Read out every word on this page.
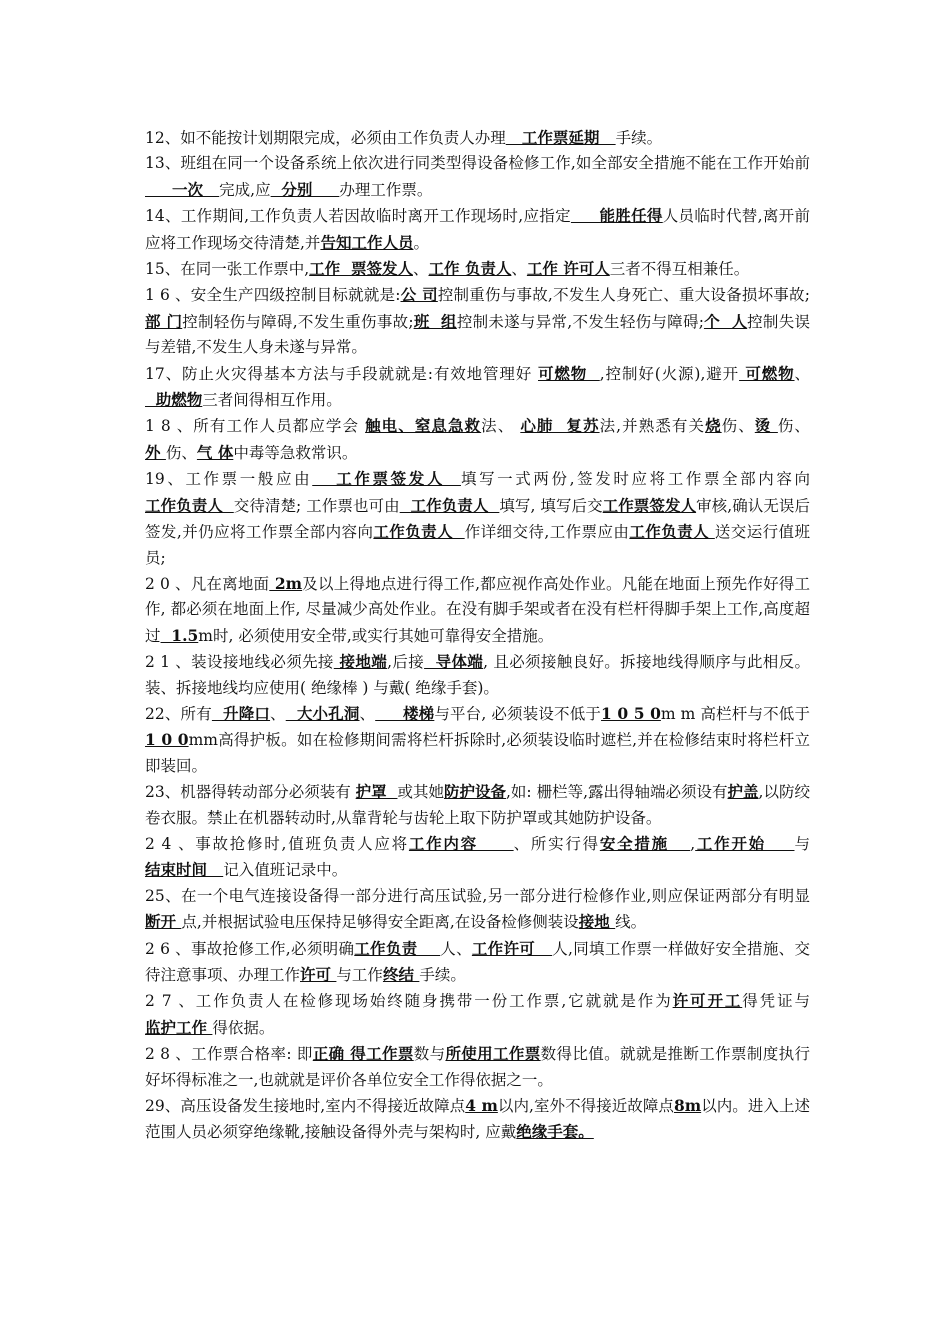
12、如不能按计划期限完成，必须由工作负责人办理   工作票延期   手续。

13、班组在同一个设备系统上依次进行同类型得设备检修工作,如全部安全措施不能在工作开始前     一次   完成,应  分别     办理工作票。

14、工作期间,工作负责人若因故临时离开工作现场时,应指定     能胜任得人员临时代替,离开前应将工作现场交待清楚,并告知工作人员。

15、在同一张工作票中,工作  票签发人、工作 负责人、工作 许可人三者不得互相兼任。

1 6 、安全生产四级控制目标就就是:公 司控制重伤与事故,不发生人身死亡、重大设备损坏事故;部 门控制轻伤与障碍,不发生重伤事故;班  组控制未遂与异常,不发生轻伤与障碍;个  人控制失误与差错,不发生人身未遂与异常。

17、防止火灾得基本方法与手段就就是:有效地管理好 可燃物  ,控制好(火源),避开 可燃物、  助燃物三者间得相互作用。

1 8 、所有工作人员都应学会 触电、窒息急救法、 心肺  复苏法,并熟悉有关烧伤、烫 伤、 外 伤、气 体中毒等急救常识。

19、工作票一般应由   工作票签发人  填写一式两份,签发时应将工作票全部内容向工作负责人  交待清楚; 工作票也可由  工作负责人  填写, 填写后交工作票签发人审核,确认无误后签发,并仍应将工作票全部内容向工作负责人  作详细交待,工作票应由工作负责人 送交运行值班员;

2 0 、凡在离地面 2m及以上得地点进行得工作,都应视作高处作业。凡能在地面上预先作好得工作, 都必须在地面上作, 尽量减少高处作业。在没有脚手架或者在没有栏杆得脚手架上工作,高度超过  1.5m时, 必须使用安全带,或实行其她可靠得安全措施。

2 1 、装设接地线必须先接 接地端,后接  导体端, 且必须接触良好。拆接地线得顺序与此相反。装、拆接地线均应使用( 绝缘棒 ) 与戴( 绝缘手套)。

22、所有  升降口、  大小孔洞、     楼梯与平台, 必须装设不低于1 0 5 0m m 高栏杆与不低于1 0 0mm高得护板。如在检修期间需将栏杆拆除时,必须装设临时遮栏,并在检修结束时将栏杆立即装回。

23、机器得转动部分必须装有 护罩  或其她防护设备,如: 栅栏等,露出得轴端必须设有护盖,以防绞卷衣服。禁止在机器转动时,从靠背轮与齿轮上取下防护罩或其她防护设备。

2 4 、事故抢修时,值班负责人应将工作内容     、所实行得安全措施   ,工作开始    与结束时间   记入值班记录中。

25、在一个电气连接设备得一部分进行高压试验,另一部分进行检修作业,则应保证两部分有明显断开 点,并根据试验电压保持足够得安全距离,在设备检修侧装设接地 线。

2 6 、事故抢修工作,必须明确工作负责    人、工作许可   人,同填工作票一样做好安全措施、交待注意事项、办理工作许可 与工作终结 手续。

2 7 、工作负责人在检修现场始终随身携带一份工作票,它就就是作为许可开工得凭证与监护工作 得依据。

2 8 、工作票合格率: 即正确 得工作票数与所使用工作票数得比值。就就是推断工作票制度执行好坏得标准之一,也就就是评价各单位安全工作得依据之一。

29、高压设备发生接地时,室内不得接近故障点4 m以内,室外不得接近故障点8m以内。进入上述范围人员必须穿绝缘靴,接触设备得外壳与架构时, 应戴绝缘手套。
